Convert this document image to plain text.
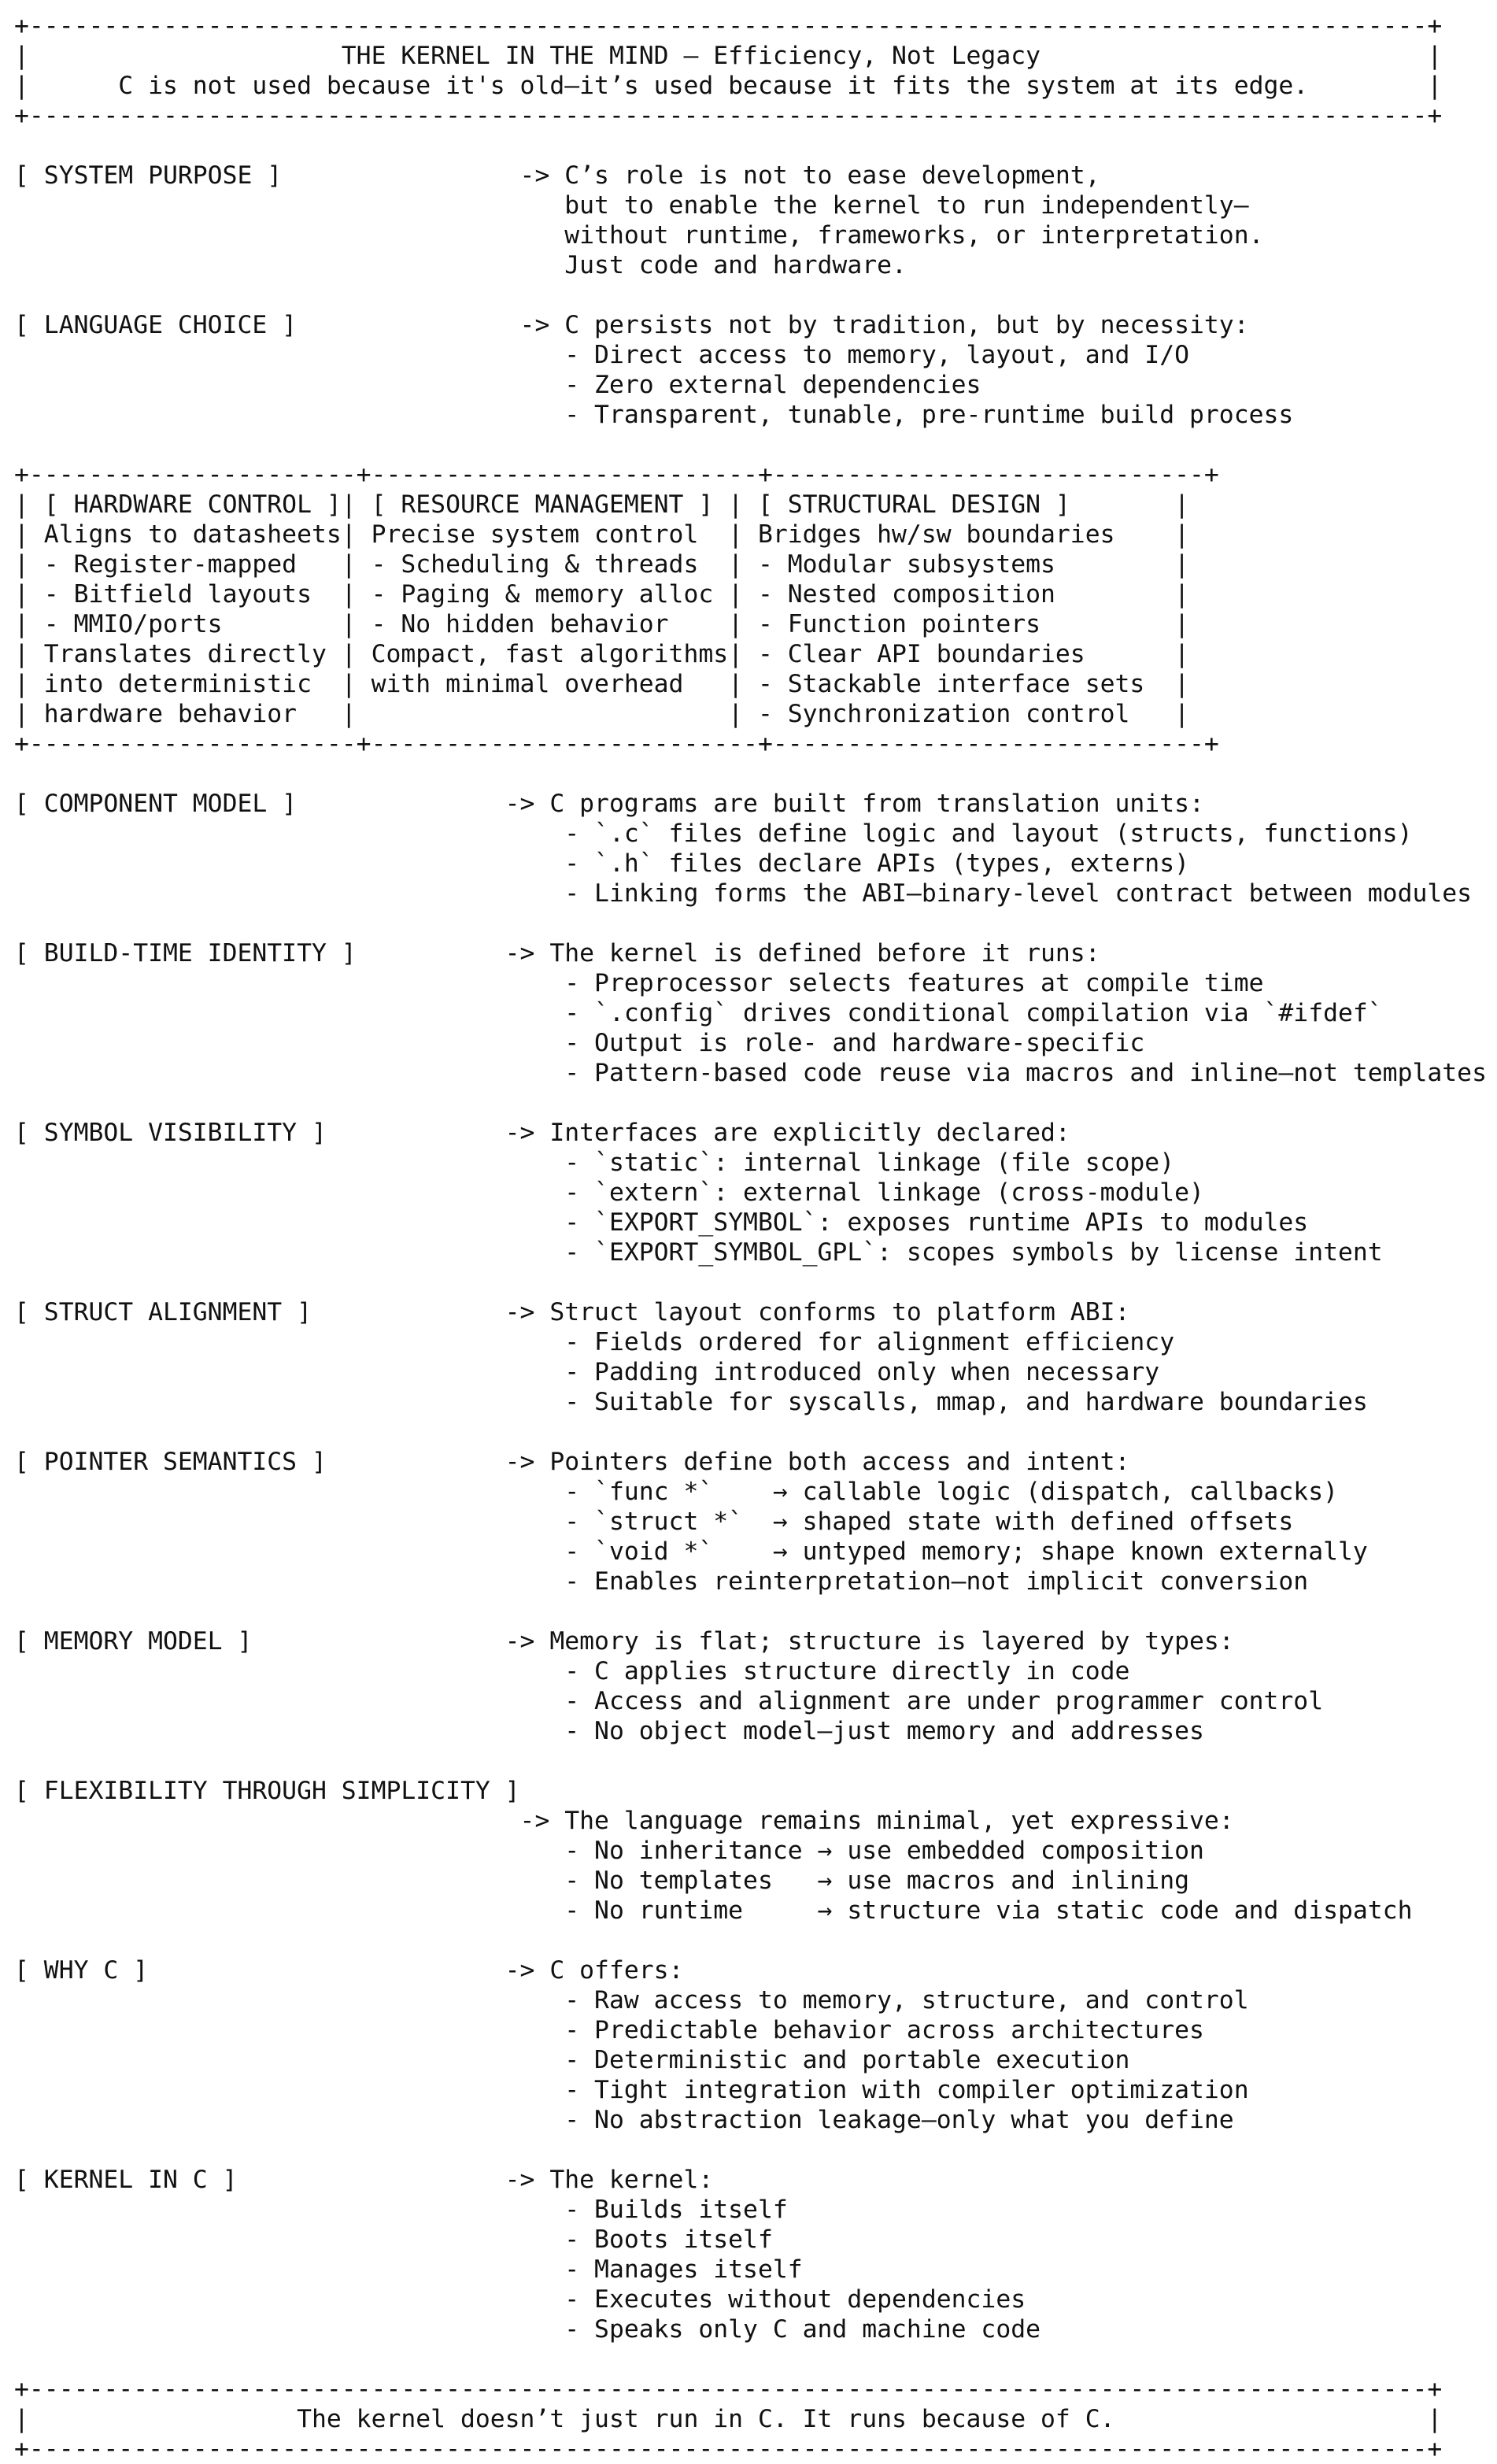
+----------------------------------------------------------------------------------------------+
|                     THE KERNEL IN THE MIND – Efficiency, Not Legacy                          |
|      C is not used because it's old—it’s used because it fits the system at its edge.        |
+----------------------------------------------------------------------------------------------+
[ SYSTEM PURPOSE ]                -> C’s role is not to ease development,
but to enable the kernel to run independently—
without runtime, frameworks, or interpretation.
Just code and hardware.
[ LANGUAGE CHOICE ]               -> C persists not by tradition, but by necessity:
- Direct access to memory, layout, and I/O
- Zero external dependencies
- Transparent, tunable, pre-runtime build process
+----------------------+--------------------------+-----------------------------+
| [ HARDWARE CONTROL ]| [ RESOURCE MANAGEMENT ] | [ STRUCTURAL DESIGN ]       |
| Aligns to datasheets| Precise system control  | Bridges hw/sw boundaries    |
| - Register-mapped   | - Scheduling & threads  | - Modular subsystems        |
| - Bitfield layouts  | - Paging & memory alloc | - Nested composition        |
| - MMIO/ports        | - No hidden behavior    | - Function pointers         |
| Translates directly | Compact, fast algorithms| - Clear API boundaries      |
| into deterministic  | with minimal overhead   | - Stackable interface sets  |
| hardware behavior   |                         | - Synchronization control   |
+----------------------+--------------------------+-----------------------------+
[ COMPONENT MODEL ]              -> C programs are built from translation units:
- `.c` files define logic and layout (structs, functions)
- `.h` files declare APIs (types, externs)
- Linking forms the ABI—binary-level contract between modules
[ BUILD-TIME IDENTITY ]          -> The kernel is defined before it runs:
- Preprocessor selects features at compile time
- `.config` drives conditional compilation via `#ifdef`
- Output is role- and hardware-specific
- Pattern-based code reuse via macros and inline—not templates
[ SYMBOL VISIBILITY ]            -> Interfaces are explicitly declared:
- `static`: internal linkage (file scope)
- `extern`: external linkage (cross-module)
- `EXPORT_SYMBOL`: exposes runtime APIs to modules
- `EXPORT_SYMBOL_GPL`: scopes symbols by license intent
[ STRUCT ALIGNMENT ]             -> Struct layout conforms to platform ABI:
- Fields ordered for alignment efficiency
- Padding introduced only when necessary
- Suitable for syscalls, mmap, and hardware boundaries
[ POINTER SEMANTICS ]            -> Pointers define both access and intent:
- `func *`    → callable logic (dispatch, callbacks)
- `struct *`  → shaped state with defined offsets
- `void *`    → untyped memory; shape known externally
- Enables reinterpretation—not implicit conversion
[ MEMORY MODEL ]                 -> Memory is flat; structure is layered by types:
- C applies structure directly in code
- Access and alignment are under programmer control
- No object model—just memory and addresses
[ FLEXIBILITY THROUGH SIMPLICITY ]
-> The language remains minimal, yet expressive:
- No inheritance → use embedded composition
- No templates   → use macros and inlining
- No runtime     → structure via static code and dispatch
[ WHY C ]                        -> C offers:
- Raw access to memory, structure, and control
- Predictable behavior across architectures
- Deterministic and portable execution
- Tight integration with compiler optimization
- No abstraction leakage—only what you define
[ KERNEL IN C ]                  -> The kernel:
- Builds itself
- Boots itself
- Manages itself
- Executes without dependencies
- Speaks only C and machine code
+----------------------------------------------------------------------------------------------+
|                  The kernel doesn’t just run in C. It runs because of C.                     |
+----------------------------------------------------------------------------------------------+
